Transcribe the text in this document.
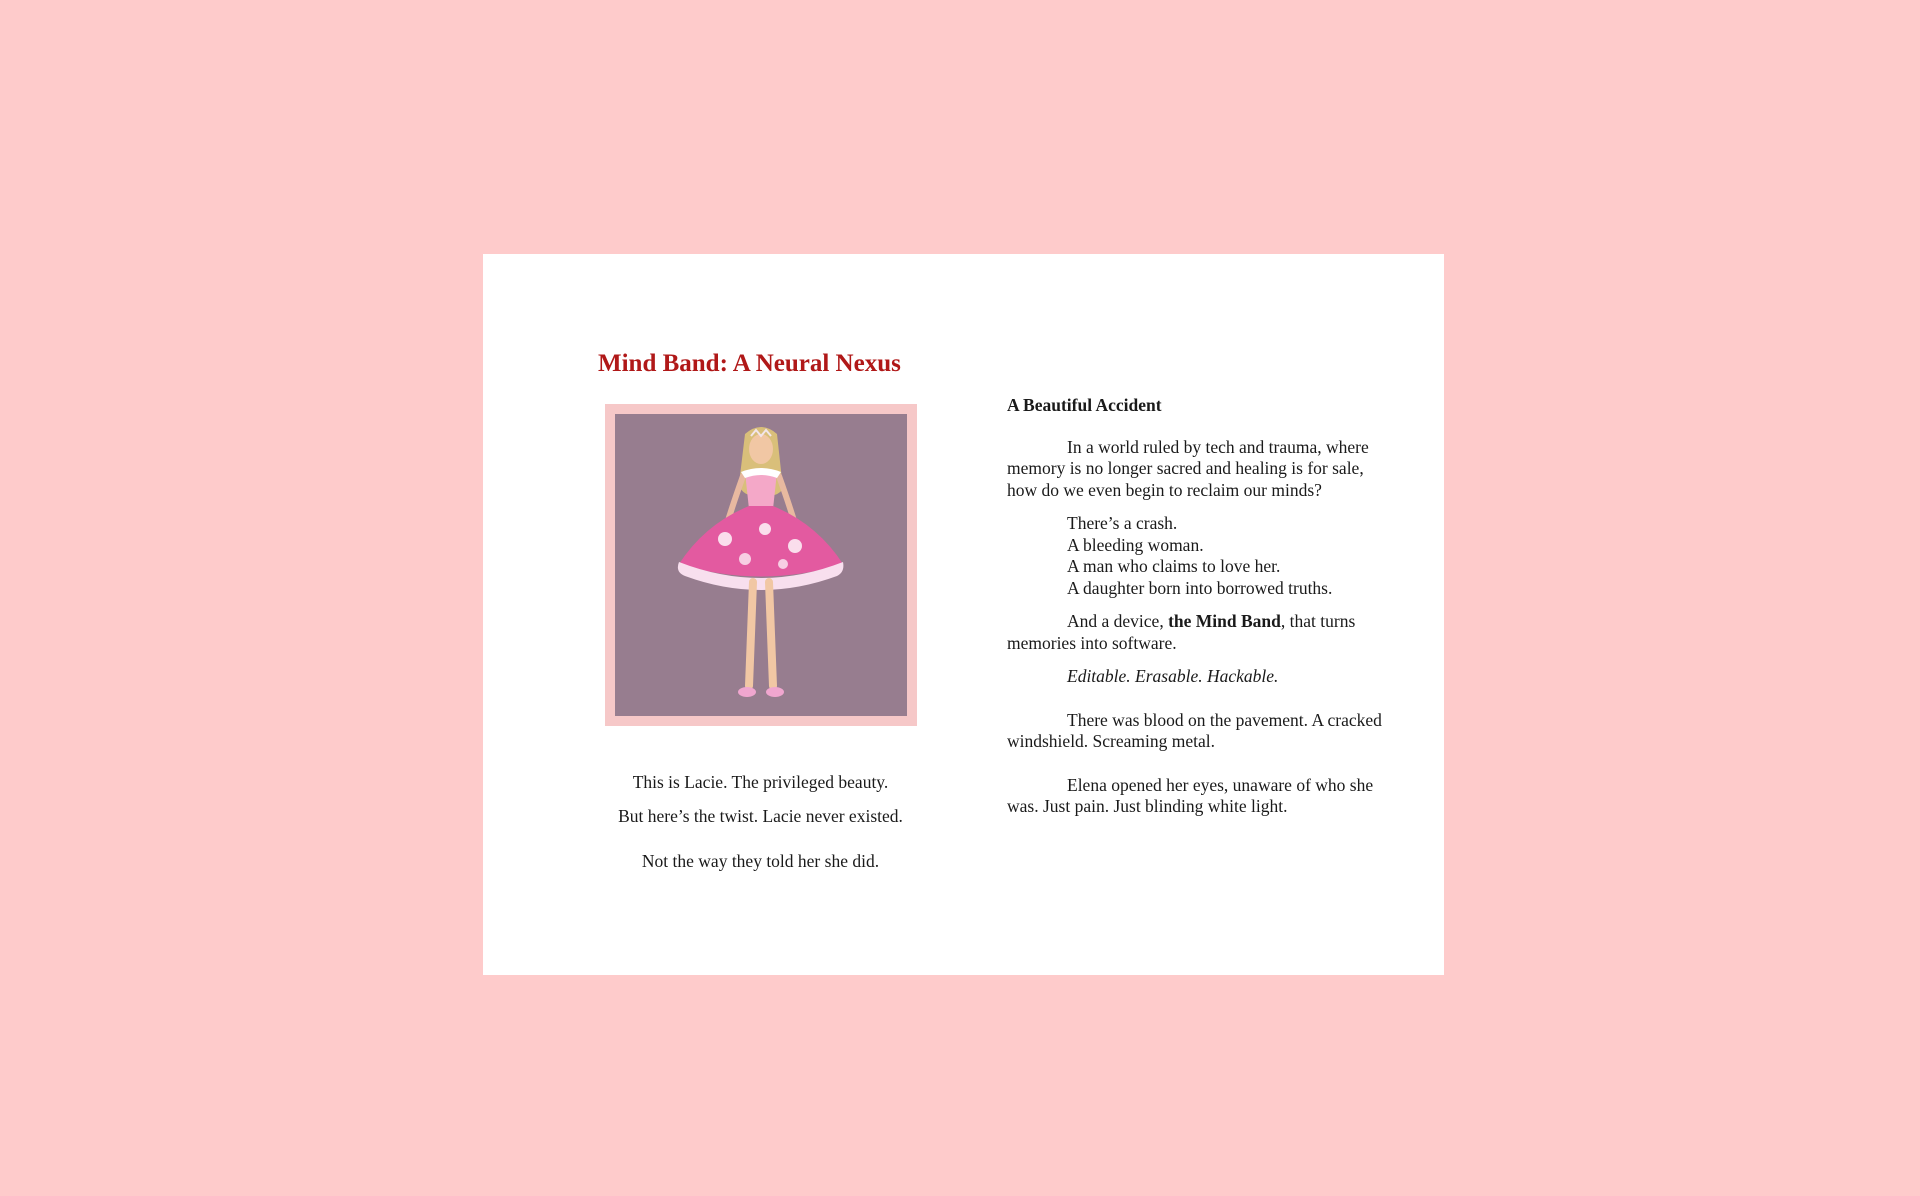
Mind Band: A Neural Nexus

This is Lacie. The privileged beauty.

But here’s the twist. Lacie never existed.

Not the way they told her she did.

A Beautiful Accident

In a world ruled by tech and trauma, where memory is no longer sacred and healing is for sale, how do we even begin to reclaim our minds?

There’s a crash.

A bleeding woman.

A man who claims to love her.

A daughter born into borrowed truths.

And a device, the Mind Band, that turns memories into software.

Editable. Erasable. Hackable.

There was blood on the pavement. A cracked windshield. Screaming metal.

Elena opened her eyes, unaware of who she was. Just pain. Just blinding white light.
